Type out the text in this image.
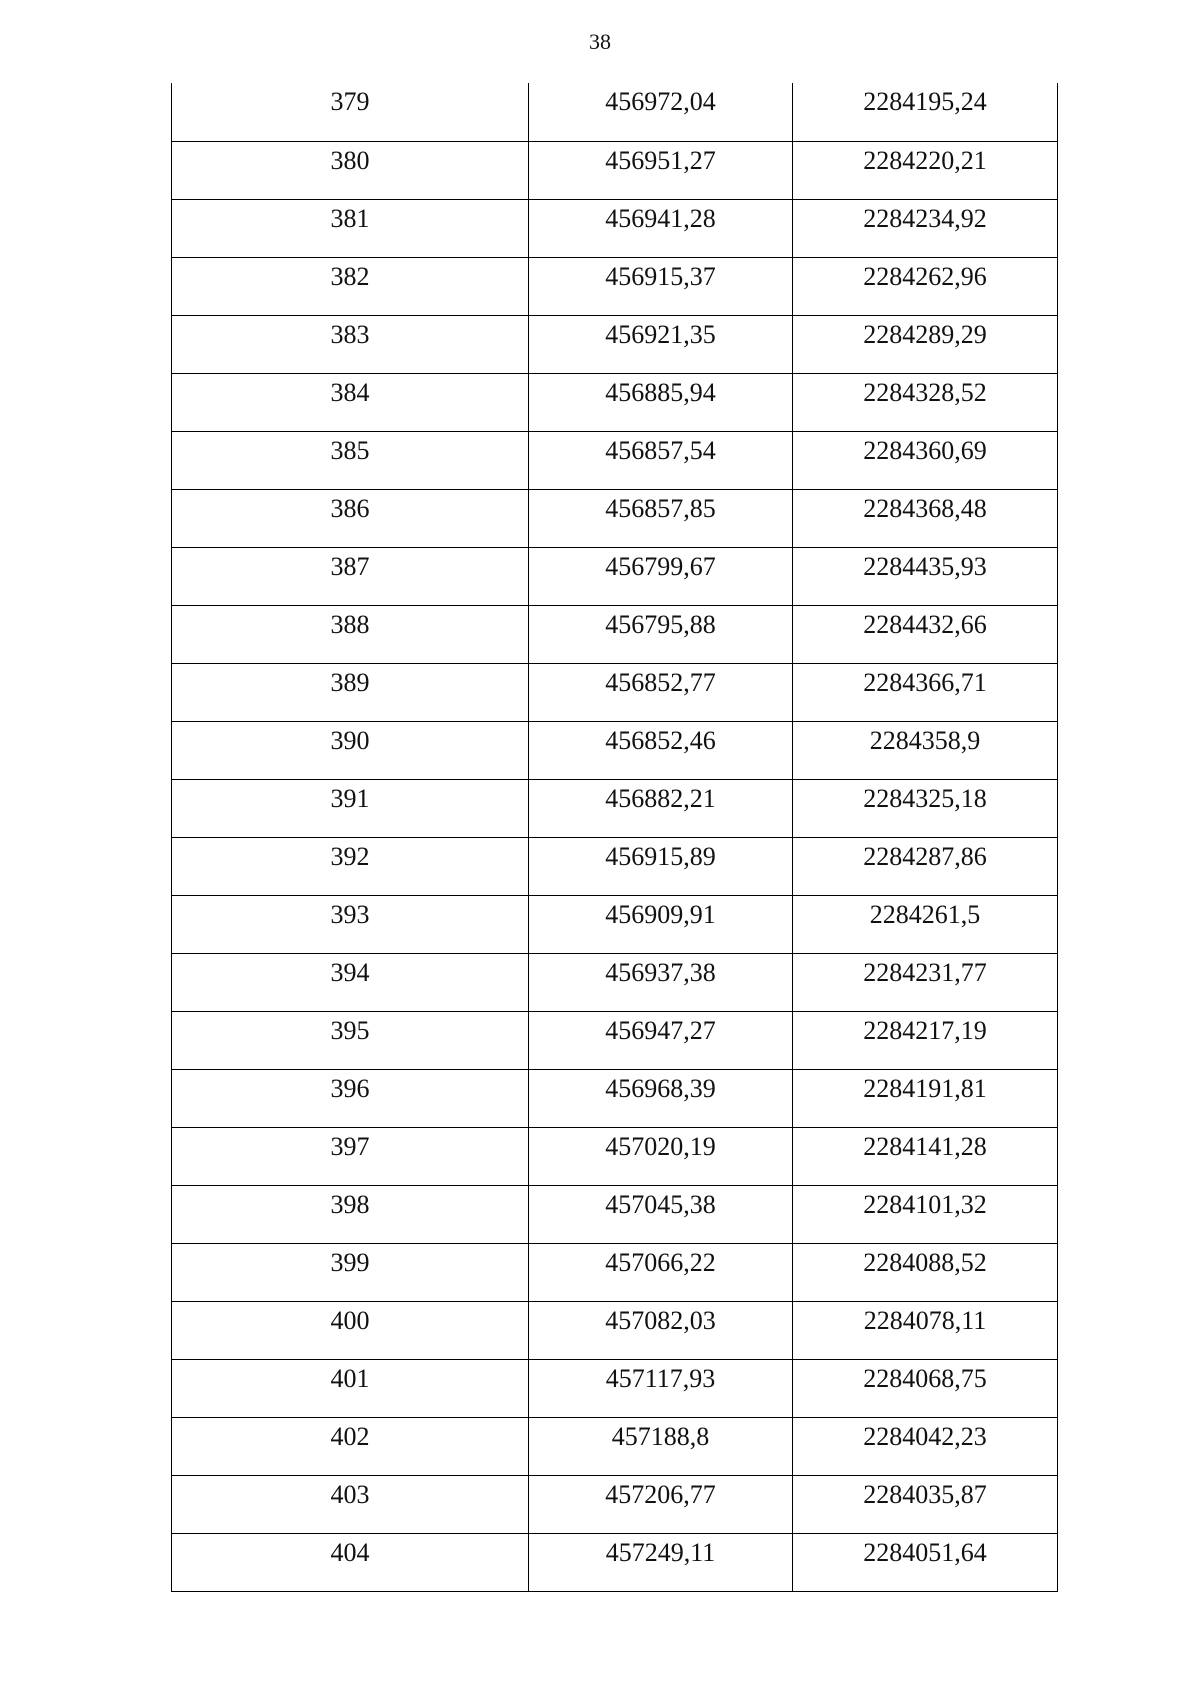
38
379	456972,04	2284195,24
380	456951,27	2284220,21
381	456941,28	2284234,92
382	456915,37	2284262,96
383	456921,35	2284289,29
384	456885,94	2284328,52
385	456857,54	2284360,69
386	456857,85	2284368,48
387	456799,67	2284435,93
388	456795,88	2284432,66
389	456852,77	2284366,71
390	456852,46	2284358,9
391	456882,21	2284325,18
392	456915,89	2284287,86
393	456909,91	2284261,5
394	456937,38	2284231,77
395	456947,27	2284217,19
396	456968,39	2284191,81
397	457020,19	2284141,28
398	457045,38	2284101,32
399	457066,22	2284088,52
400	457082,03	2284078,11
401	457117,93	2284068,75
402	457188,8	2284042,23
403	457206,77	2284035,87
404	457249,11	2284051,64
